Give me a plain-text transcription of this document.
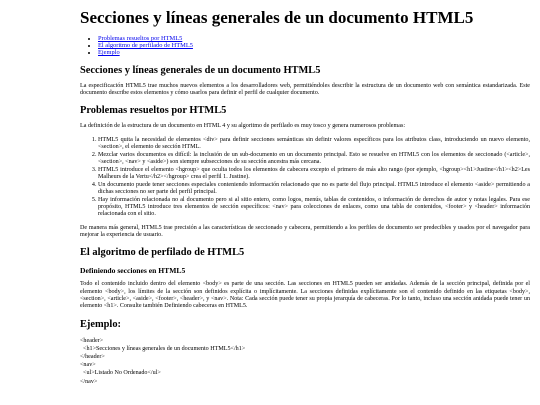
Secciones y líneas generales de un documento HTML5
• Problemas resueltos por HTML5
• El algoritmo de perfilado de HTML5
• Ejemplo
Secciones y líneas generales de un documento HTML5

La especificación HTML5 trae muchos nuevos elementos a los desarrolladores web, permitiéndoles describir la estructura de un documento web con semántica estandarizada. Este documento describe estos elementos y cómo usarlos para definir el perfil de cualquier documento.

Problemas resueltos por HTML5

La definición de la estructura de un documento en HTML 4 y su algoritmo de perfilado es muy tosco y genera numerosos problemas:

1. HTML5 quita la necesidad de elementos <div> para definir secciones semánticas sin definir valores específicos para los atributos class, introduciendo un nuevo elemento, <section>, el elemento de sección HTML.
2. Mezclar varios documentos es difícil: la inclusión de un sub-documento en un documento principal. Esto se resuelve en HTML5 con los elementos de seccionado (<article>, <section>, <nav> y <aside>) son siempre subsecciones de su sección ancestra más cercana.
3. HTML5 introduce el elemento <hgroup> que oculta todos los elementos de cabecera excepto el primero de más alto rango (por ejemplo, <hgroup><h1>Justine</h1><h2>Les Malheurs de la Vertu</h2></hgroup> crea el perfil 1. Justine).
4. Un documento puede tener secciones especiales conteniendo información relacionado que no es parte del flujo principal. HTML5 introduce el elemento <aside> permitiendo a dichas secciones no ser parte del perfil principal.
5. Hay información relacionada no al documento pero si al sitio entero, como logos, menús, tablas de contenidos, o información de derechos de autor y notas legales. Para ese propósito, HTML5 introduce tres elementos de sección específicos: <nav> para colecciones de enlaces, como una tabla de contenidos, <footer> y <header> información relacionada con el sitio.

De manera más general, HTML5 trae precisión a las características de seccionado y cabecera, permitiendo a los perfiles de documento ser predecibles y usados por el navegador para mejorar la experiencia de usuario.

El algoritmo de perfilado de HTML5
Definiendo secciones en HTML5

Todo el contenido incluido dentro del elemento <body> es parte de una sección. Las secciones en HTML5 pueden ser anidadas. Además de la sección principal, definida por el elemento <body>, los límites de la sección son definidos explícita o implícitamente. La secciones definidas explícitamente son el contenido definido en las etiquetas <body>, <section>, <article>, <aside>, <footer>, <header>, y <nav>. Nota: Cada sección puede tener su propia jerarquía de cabeceras. Por lo tanto, incluso una sección anidada puede tener un elemento <h1>. Consulte también Definiendo cabeceras en HTML5.

Ejemplo:
<header>
<h1>Secciones y líneas generales de un documento HTML5</h1>
</header>
<nav>
<ul>Listado No Ordenado</ul>
</nav>
